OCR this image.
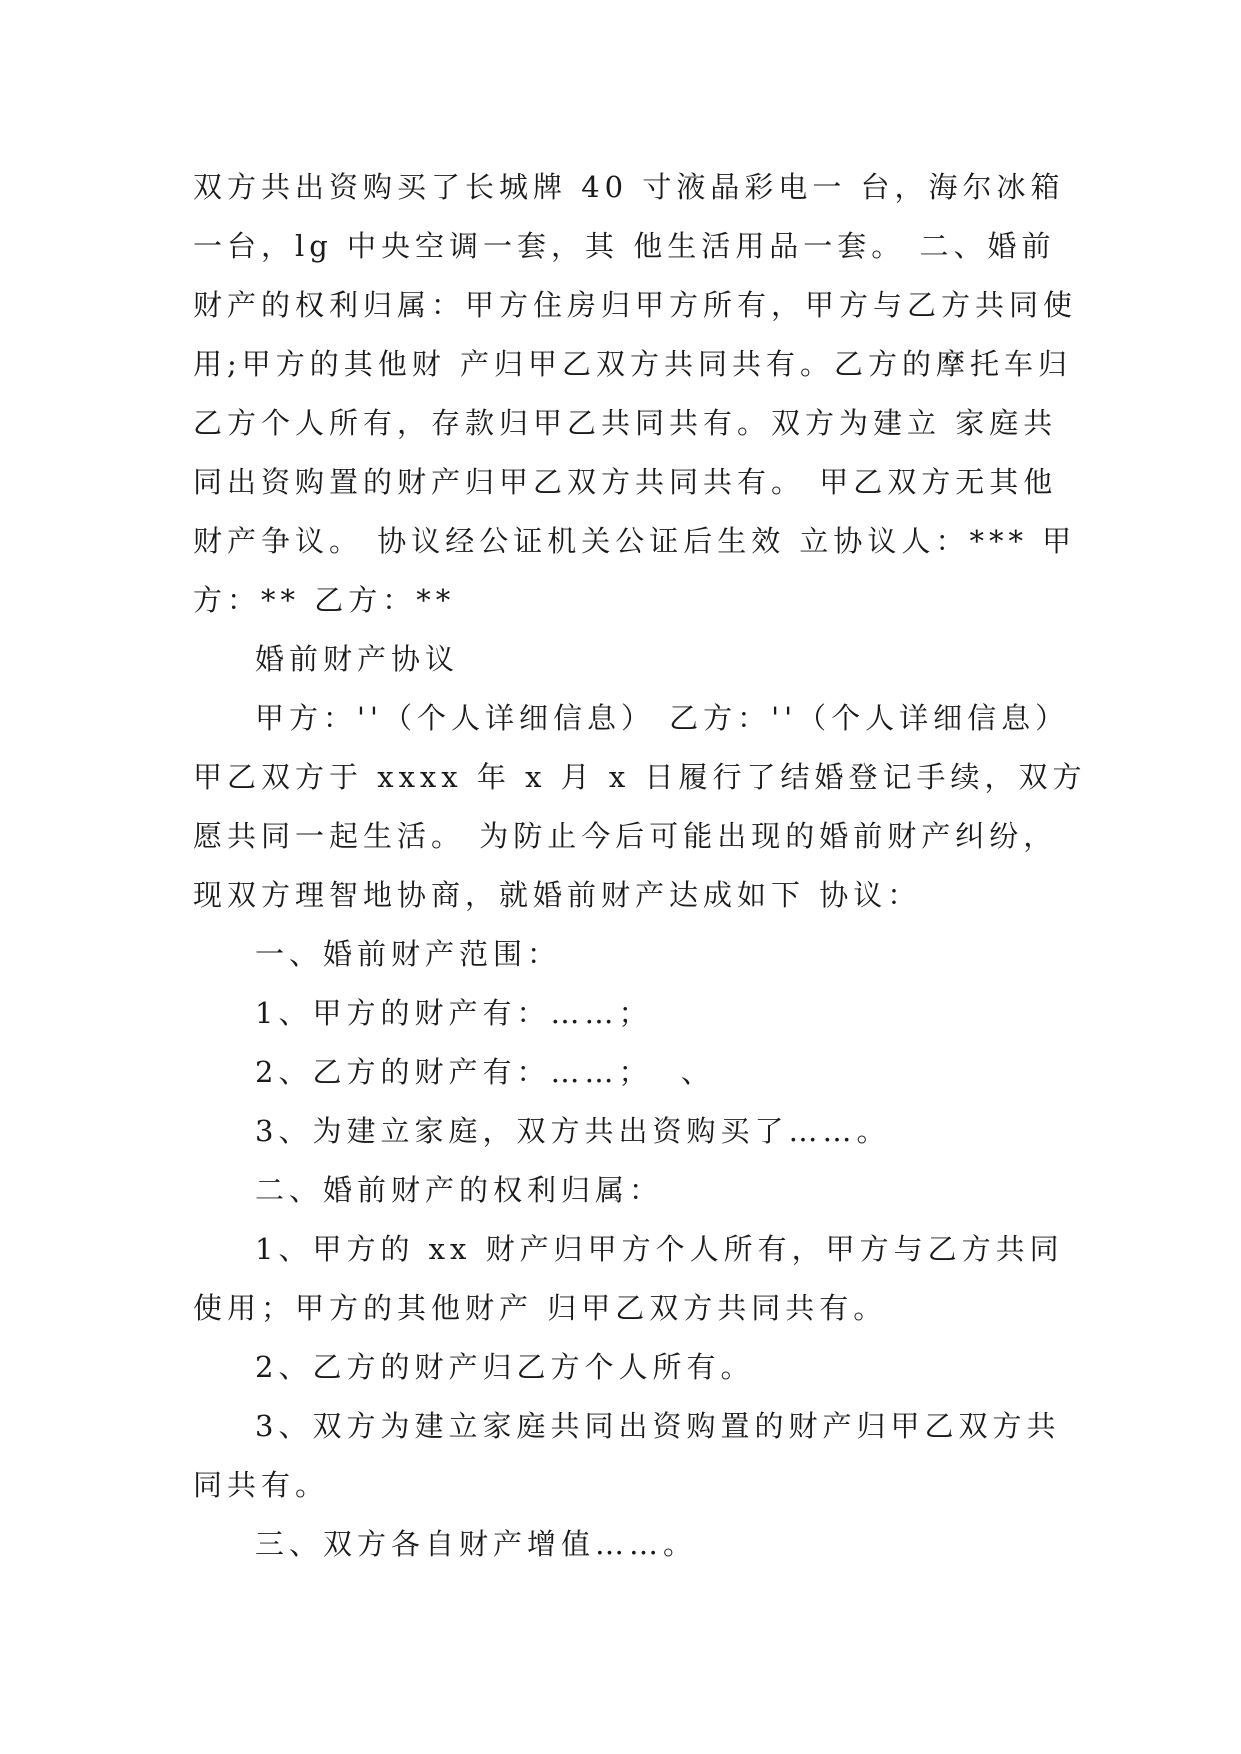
双方共出资购买了长城牌 40 寸液晶彩电一 台，海尔冰箱
一台，lg 中央空调一套，其 他生活用品一套。 二、婚前
财产的权利归属：甲方住房归甲方所有，甲方与乙方共同使
用;甲方的其他财 产归甲乙双方共同共有。乙方的摩托车归
乙方个人所有，存款归甲乙共同共有。双方为建立 家庭共
同出资购置的财产归甲乙双方共同共有。 甲乙双方无其他
财产争议。 协议经公证机关公证后生效 立协议人：*** 甲
方：** 乙方：**
婚前财产协议
甲方：''（个人详细信息） 乙方：''（个人详细信息）
甲乙双方于 xxxx 年 x 月 x 日履行了结婚登记手续，双方
愿共同一起生活。 为防止今后可能出现的婚前财产纠纷，
现双方理智地协商，就婚前财产达成如下 协议：
一、婚前财产范围：
1、甲方的财产有：……；
2、乙方的财产有：……；  、
3、为建立家庭，双方共出资购买了……。
二、婚前财产的权利归属：
1、甲方的 xx 财产归甲方个人所有，甲方与乙方共同
使用；甲方的其他财产 归甲乙双方共同共有。
2、乙方的财产归乙方个人所有。
3、双方为建立家庭共同出资购置的财产归甲乙双方共
同共有。
三、双方各自财产增值……。
